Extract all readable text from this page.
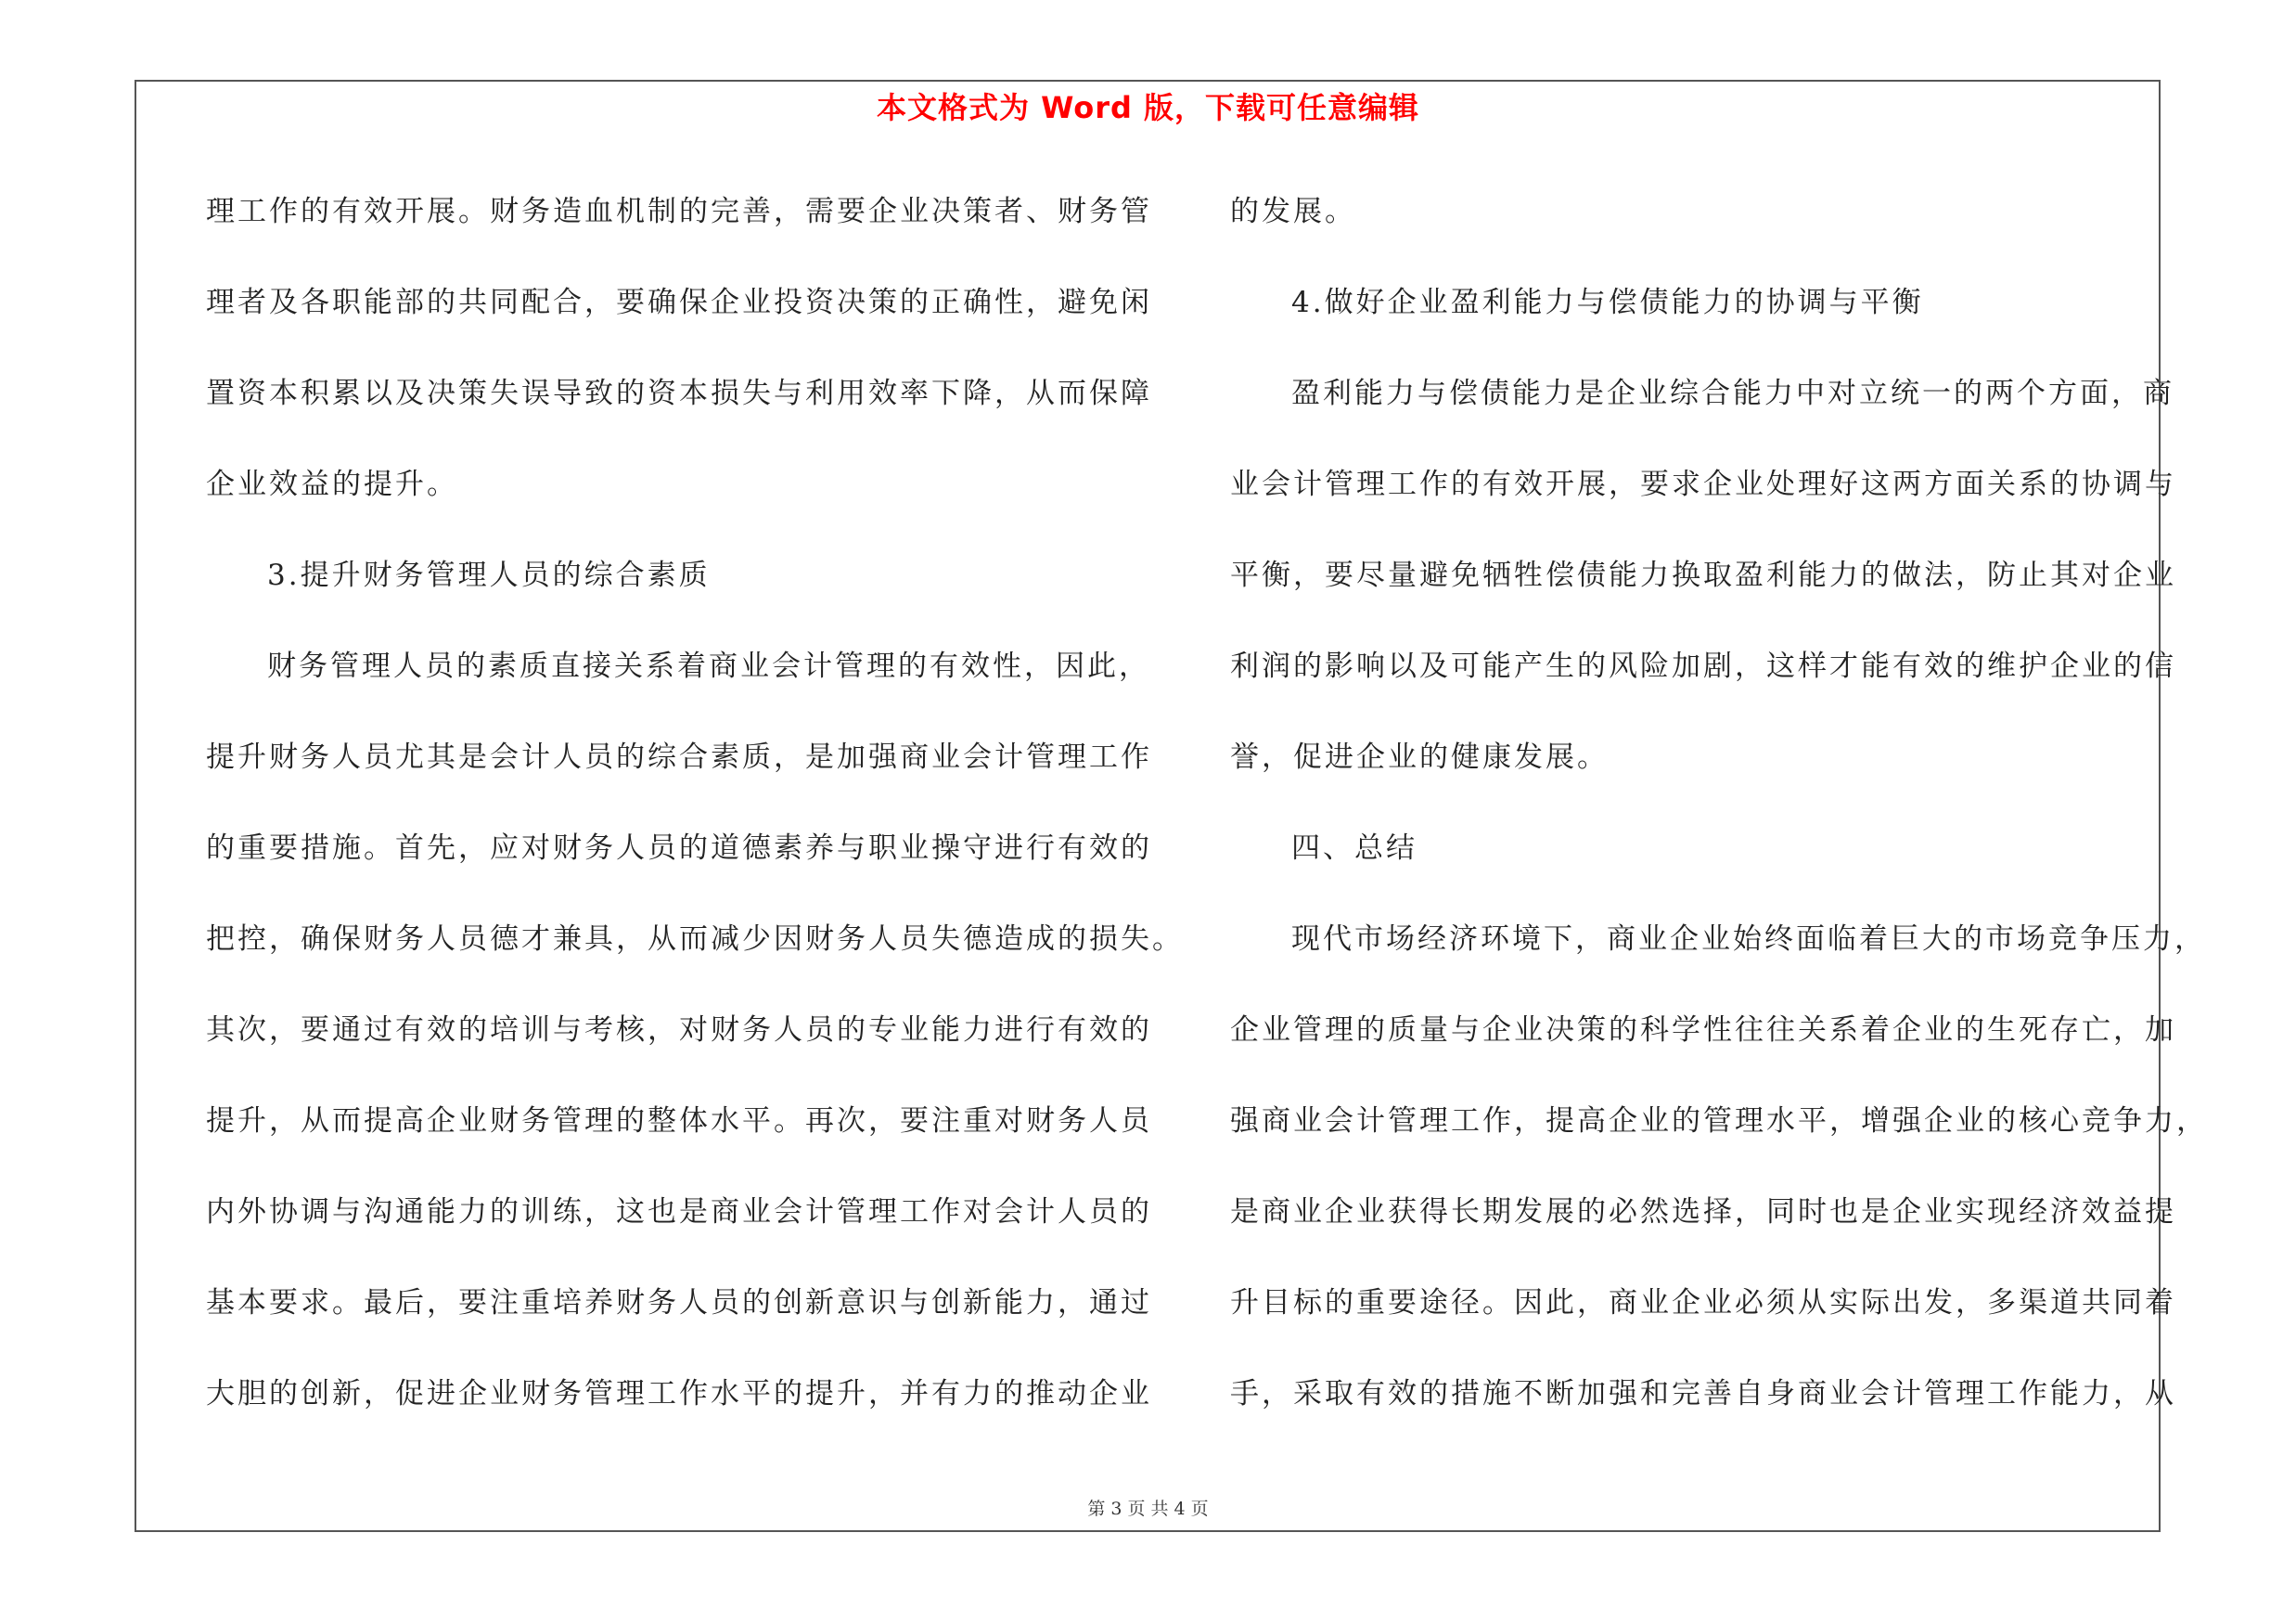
本文格式为 Word 版，下载可任意编辑
理工作的有效开展。财务造血机制的完善，需要企业决策者、财务管
理者及各职能部的共同配合，要确保企业投资决策的正确性，避免闲
置资本积累以及决策失误导致的资本损失与利用效率下降，从而保障
企业效益的提升。
3.提升财务管理人员的综合素质
财务管理人员的素质直接关系着商业会计管理的有效性，因此，
提升财务人员尤其是会计人员的综合素质，是加强商业会计管理工作
的重要措施。首先，应对财务人员的道德素养与职业操守进行有效的
把控，确保财务人员德才兼具，从而减少因财务人员失德造成的损失。
其次，要通过有效的培训与考核，对财务人员的专业能力进行有效的
提升，从而提高企业财务管理的整体水平。再次，要注重对财务人员
内外协调与沟通能力的训练，这也是商业会计管理工作对会计人员的
基本要求。最后，要注重培养财务人员的创新意识与创新能力，通过
大胆的创新，促进企业财务管理工作水平的提升，并有力的推动企业
的发展。
4.做好企业盈利能力与偿债能力的协调与平衡
盈利能力与偿债能力是企业综合能力中对立统一的两个方面，商
业会计管理工作的有效开展，要求企业处理好这两方面关系的协调与
平衡，要尽量避免牺牲偿债能力换取盈利能力的做法，防止其对企业
利润的影响以及可能产生的风险加剧，这样才能有效的维护企业的信
誉，促进企业的健康发展。
四、总结
现代市场经济环境下，商业企业始终面临着巨大的市场竞争压力，
企业管理的质量与企业决策的科学性往往关系着企业的生死存亡，加
强商业会计管理工作，提高企业的管理水平，增强企业的核心竞争力，
是商业企业获得长期发展的必然选择，同时也是企业实现经济效益提
升目标的重要途径。因此，商业企业必须从实际出发，多渠道共同着
手，采取有效的措施不断加强和完善自身商业会计管理工作能力，从
第 3 页 共 4 页
